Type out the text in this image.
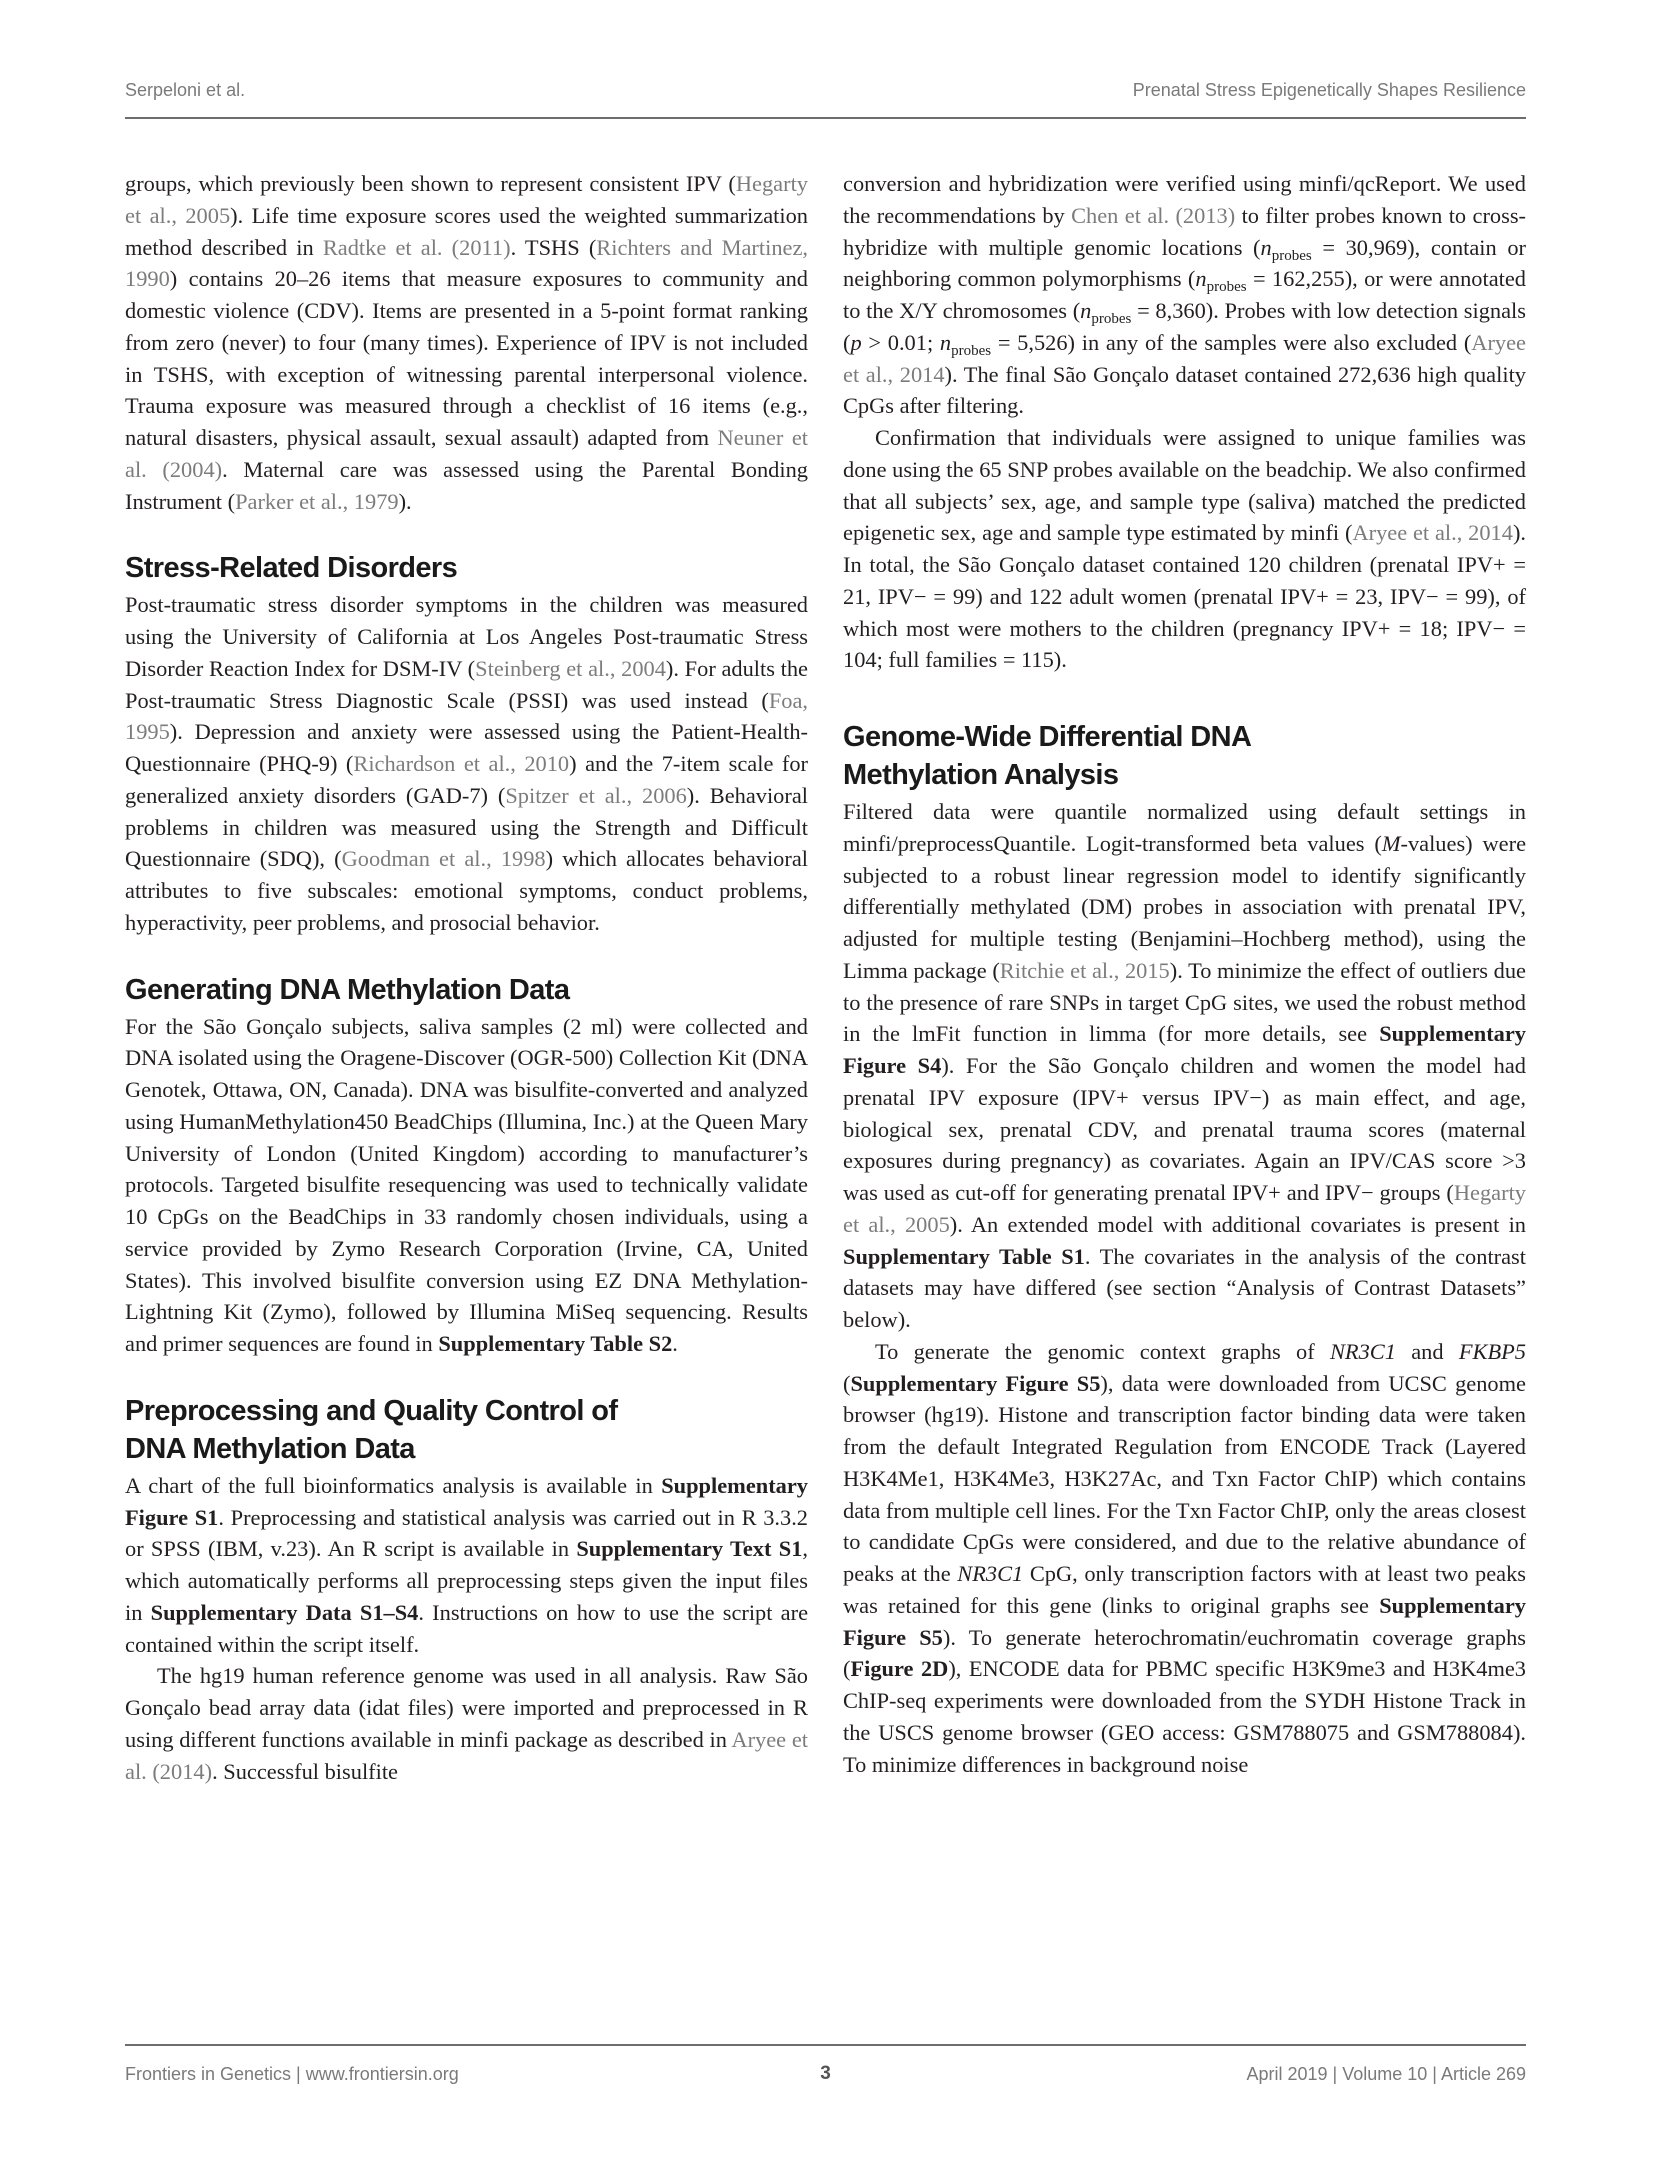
Serpeloni et al.	Prenatal Stress Epigenetically Shapes Resilience

groups, which previously been shown to represent consistent IPV (Hegarty et al., 2005). Life time exposure scores used the weighted summarization method described in Radtke et al. (2011). TSHS (Richters and Martinez, 1990) contains 20–26 items that measure exposures to community and domestic violence (CDV). Items are presented in a 5-point format ranking from zero (never) to four (many times). Experience of IPV is not included in TSHS, with exception of witnessing parental interpersonal violence. Trauma exposure was measured through a checklist of 16 items (e.g., natural disasters, physical assault, sexual assault) adapted from Neuner et al. (2004). Maternal care was assessed using the Parental Bonding Instrument (Parker et al., 1979).

Stress-Related Disorders

Post-traumatic stress disorder symptoms in the children was measured using the University of California at Los Angeles Post-traumatic Stress Disorder Reaction Index for DSM-IV (Steinberg et al., 2004). For adults the Post-traumatic Stress Diagnostic Scale (PSSI) was used instead (Foa, 1995). Depression and anxiety were assessed using the Patient-Health-Questionnaire (PHQ-9) (Richardson et al., 2010) and the 7-item scale for generalized anxiety disorders (GAD-7) (Spitzer et al., 2006). Behavioral problems in children was measured using the Strength and Difficult Questionnaire (SDQ), (Goodman et al., 1998) which allocates behavioral attributes to five subscales: emotional symptoms, conduct problems, hyperactivity, peer problems, and prosocial behavior.

Generating DNA Methylation Data

For the São Gonçalo subjects, saliva samples (2 ml) were collected and DNA isolated using the Oragene-Discover (OGR-500) Collection Kit (DNA Genotek, Ottawa, ON, Canada). DNA was bisulfite-converted and analyzed using HumanMethylation450 BeadChips (Illumina, Inc.) at the Queen Mary University of London (United Kingdom) according to manufacturer’s protocols. Targeted bisulfite resequencing was used to technically validate 10 CpGs on the BeadChips in 33 randomly chosen individuals, using a service provided by Zymo Research Corporation (Irvine, CA, United States). This involved bisulfite conversion using EZ DNA Methylation-Lightning Kit (Zymo), followed by Illumina MiSeq sequencing. Results and primer sequences are found in Supplementary Table S2.

Preprocessing and Quality Control of
DNA Methylation Data

A chart of the full bioinformatics analysis is available in Supplementary Figure S1. Preprocessing and statistical analysis was carried out in R 3.3.2 or SPSS (IBM, v.23). An R script is available in Supplementary Text S1, which automatically performs all preprocessing steps given the input files in Supplementary Data S1–S4. Instructions on how to use the script are contained within the script itself.

The hg19 human reference genome was used in all analysis. Raw São Gonçalo bead array data (idat files) were imported and preprocessed in R using different functions available in minfi package as described in Aryee et al. (2014). Successful bisulfite

conversion and hybridization were verified using minfi/qcReport. We used the recommendations by Chen et al. (2013) to filter probes known to cross-hybridize with multiple genomic locations $(n_{probes} = 30,969)$, contain or neighboring common polymorphisms $(n_{probes} = 162,255)$, or were annotated to the X/Y chromosomes $(n_{probes} = 8,360)$. Probes with low detection signals (p > 0.01; $n_{probes} = 5,526$) in any of the samples were also excluded (Aryee et al., 2014). The final São Gonçalo dataset contained 272,636 high quality CpGs after filtering.

Confirmation that individuals were assigned to unique families was done using the 65 SNP probes available on the beadchip. We also confirmed that all subjects’ sex, age, and sample type (saliva) matched the predicted epigenetic sex, age and sample type estimated by minfi (Aryee et al., 2014). In total, the São Gonçalo dataset contained 120 children (prenatal IPV+ = 21, IPV− = 99) and 122 adult women (prenatal IPV+ = 23, IPV− = 99), of which most were mothers to the children (pregnancy IPV+ = 18; IPV− = 104; full families = 115).

Genome-Wide Differential DNA
Methylation Analysis

Filtered data were quantile normalized using default settings in minfi/preprocessQuantile. Logit-transformed beta values (M-values) were subjected to a robust linear regression model to identify significantly differentially methylated (DM) probes in association with prenatal IPV, adjusted for multiple testing (Benjamini–Hochberg method), using the Limma package (Ritchie et al., 2015). To minimize the effect of outliers due to the presence of rare SNPs in target CpG sites, we used the robust method in the lmFit function in limma (for more details, see Supplementary Figure S4). For the São Gonçalo children and women the model had prenatal IPV exposure (IPV+ versus IPV−) as main effect, and age, biological sex, prenatal CDV, and prenatal trauma scores (maternal exposures during pregnancy) as covariates. Again an IPV/CAS score >3 was used as cut-off for generating prenatal IPV+ and IPV− groups (Hegarty et al., 2005). An extended model with additional covariates is present in Supplementary Table S1. The covariates in the analysis of the contrast datasets may have differed (see section “Analysis of Contrast Datasets” below).

To generate the genomic context graphs of NR3C1 and FKBP5 (Supplementary Figure S5), data were downloaded from UCSC genome browser (hg19). Histone and transcription factor binding data were taken from the default Integrated Regulation from ENCODE Track (Layered H3K4Me1, H3K4Me3, H3K27Ac, and Txn Factor ChIP) which contains data from multiple cell lines. For the Txn Factor ChIP, only the areas closest to candidate CpGs were considered, and due to the relative abundance of peaks at the NR3C1 CpG, only transcription factors with at least two peaks was retained for this gene (links to original graphs see Supplementary Figure S5). To generate heterochromatin/euchromatin coverage graphs (Figure 2D), ENCODE data for PBMC specific H3K9me3 and H3K4me3 ChIP-seq experiments were downloaded from the SYDH Histone Track in the USCS genome browser (GEO access: GSM788075 and GSM788084). To minimize differences in background noise

Frontiers in Genetics | www.frontiersin.org	3	April 2019 | Volume 10 | Article 269
